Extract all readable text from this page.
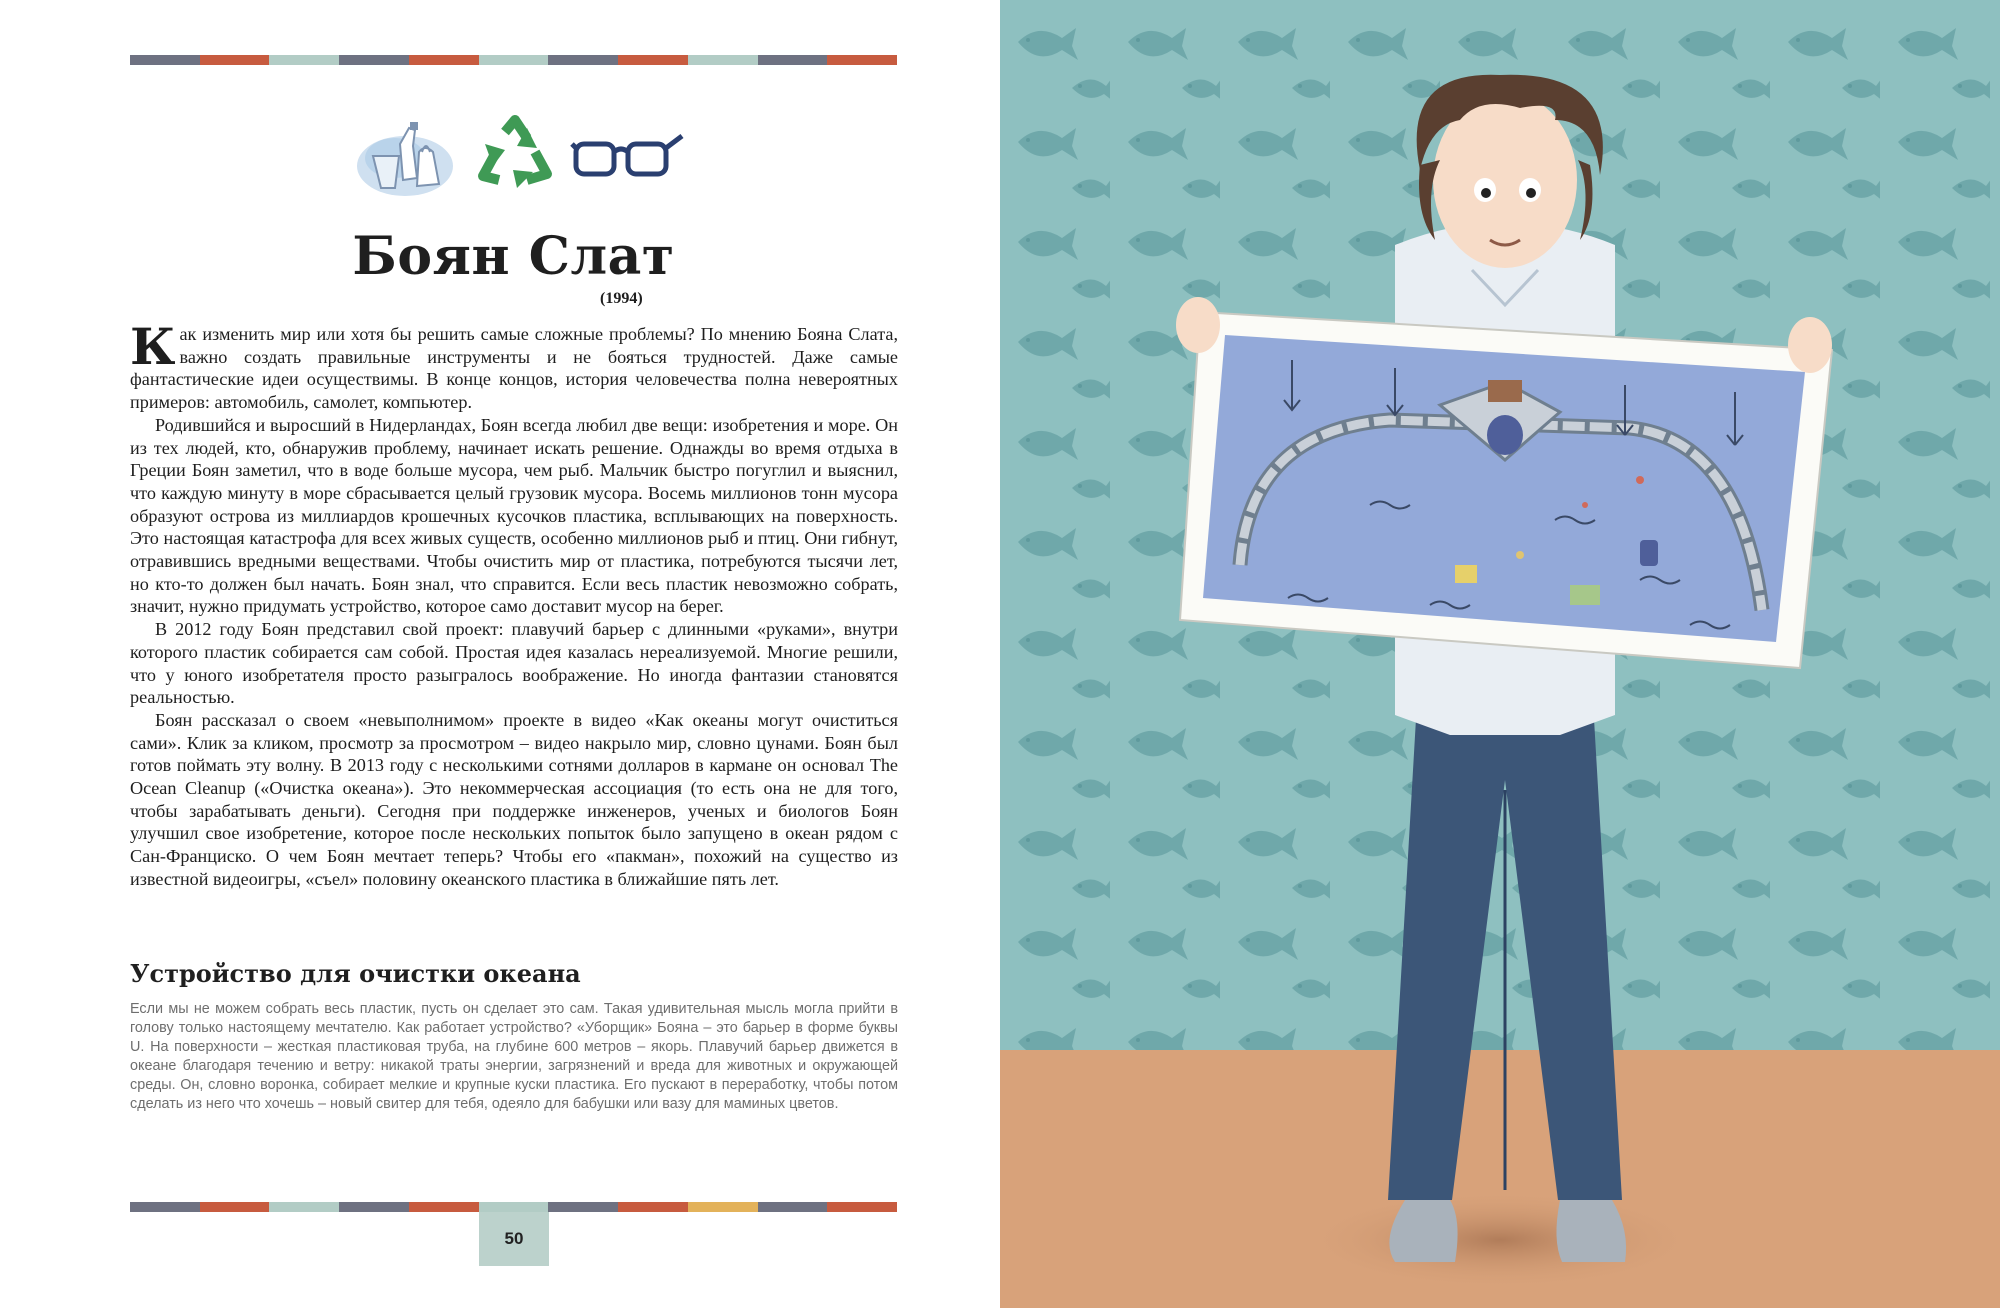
Боян Слат
(1994)

Как изменить мир или хотя бы решить самые сложные проблемы? По мнению Бояна Слата, важно создать правильные инструменты и не бояться трудностей. Даже самые фантастические идеи осуществимы. В конце концов, история человечества полна невероятных примеров: автомобиль, самолет, компьютер.

Родившийся и выросший в Нидерландах, Боян всегда любил две вещи: изобретения и море. Он из тех людей, кто, обнаружив проблему, начинает искать решение. Однажды во время отдыха в Греции Боян заметил, что в воде больше мусора, чем рыб. Мальчик быстро погуглил и выяснил, что каждую минуту в море сбрасывается целый грузовик мусора. Восемь миллионов тонн мусора образуют острова из миллиардов крошечных кусочков пластика, всплывающих на поверхность. Это настоящая катастрофа для всех живых существ, особенно миллионов рыб и птиц. Они гибнут, отравившись вредными веществами. Чтобы очистить мир от пластика, потребуются тысячи лет, но кто-то должен был начать. Боян знал, что справится. Если весь пластик невозможно собрать, значит, нужно придумать устройство, которое само доставит мусор на берег.

В 2012 году Боян представил свой проект: плавучий барьер с длинными «руками», внутри которого пластик собирается сам собой. Простая идея казалась нереализуемой. Многие решили, что у юного изобретателя просто разыгралось воображение. Но иногда фантазии становятся реальностью.

Боян рассказал о своем «невыполнимом» проекте в видео «Как океаны могут очиститься сами». Клик за кликом, просмотр за просмотром – видео накрыло мир, словно цунами. Боян был готов поймать эту волну. В 2013 году с несколькими сотнями долларов в кармане он основал The Ocean Cleanup («Очистка океана»). Это некоммерческая ассоциация (то есть она не для того, чтобы зарабатывать деньги). Сегодня при поддержке инженеров, ученых и биологов Боян улучшил свое изобретение, которое после нескольких попыток было запущено в океан рядом с Сан-Франциско. О чем Боян мечтает теперь? Чтобы его «пакман», похожий на существо из известной видеоигры, «съел» половину океанского пластика в ближайшие пять лет.

Устройство для очистки океана

Если мы не можем собрать весь пластик, пусть он сделает это сам. Такая удивительная мысль могла прийти в голову только настоящему мечтателю. Как работает устройство? «Уборщик» Бояна – это барьер в форме буквы U. На поверхности – жесткая пластиковая труба, на глубине 600 метров – якорь. Плавучий барьер движется в океане благодаря течению и ветру: никакой траты энергии, загрязнений и вреда для животных и окружающей среды. Он, словно воронка, собирает мелкие и крупные куски пластика. Его пускают в переработку, чтобы потом сделать из него что хочешь – новый свитер для тебя, одеяло для бабушки или вазу для маминых цветов.

50
